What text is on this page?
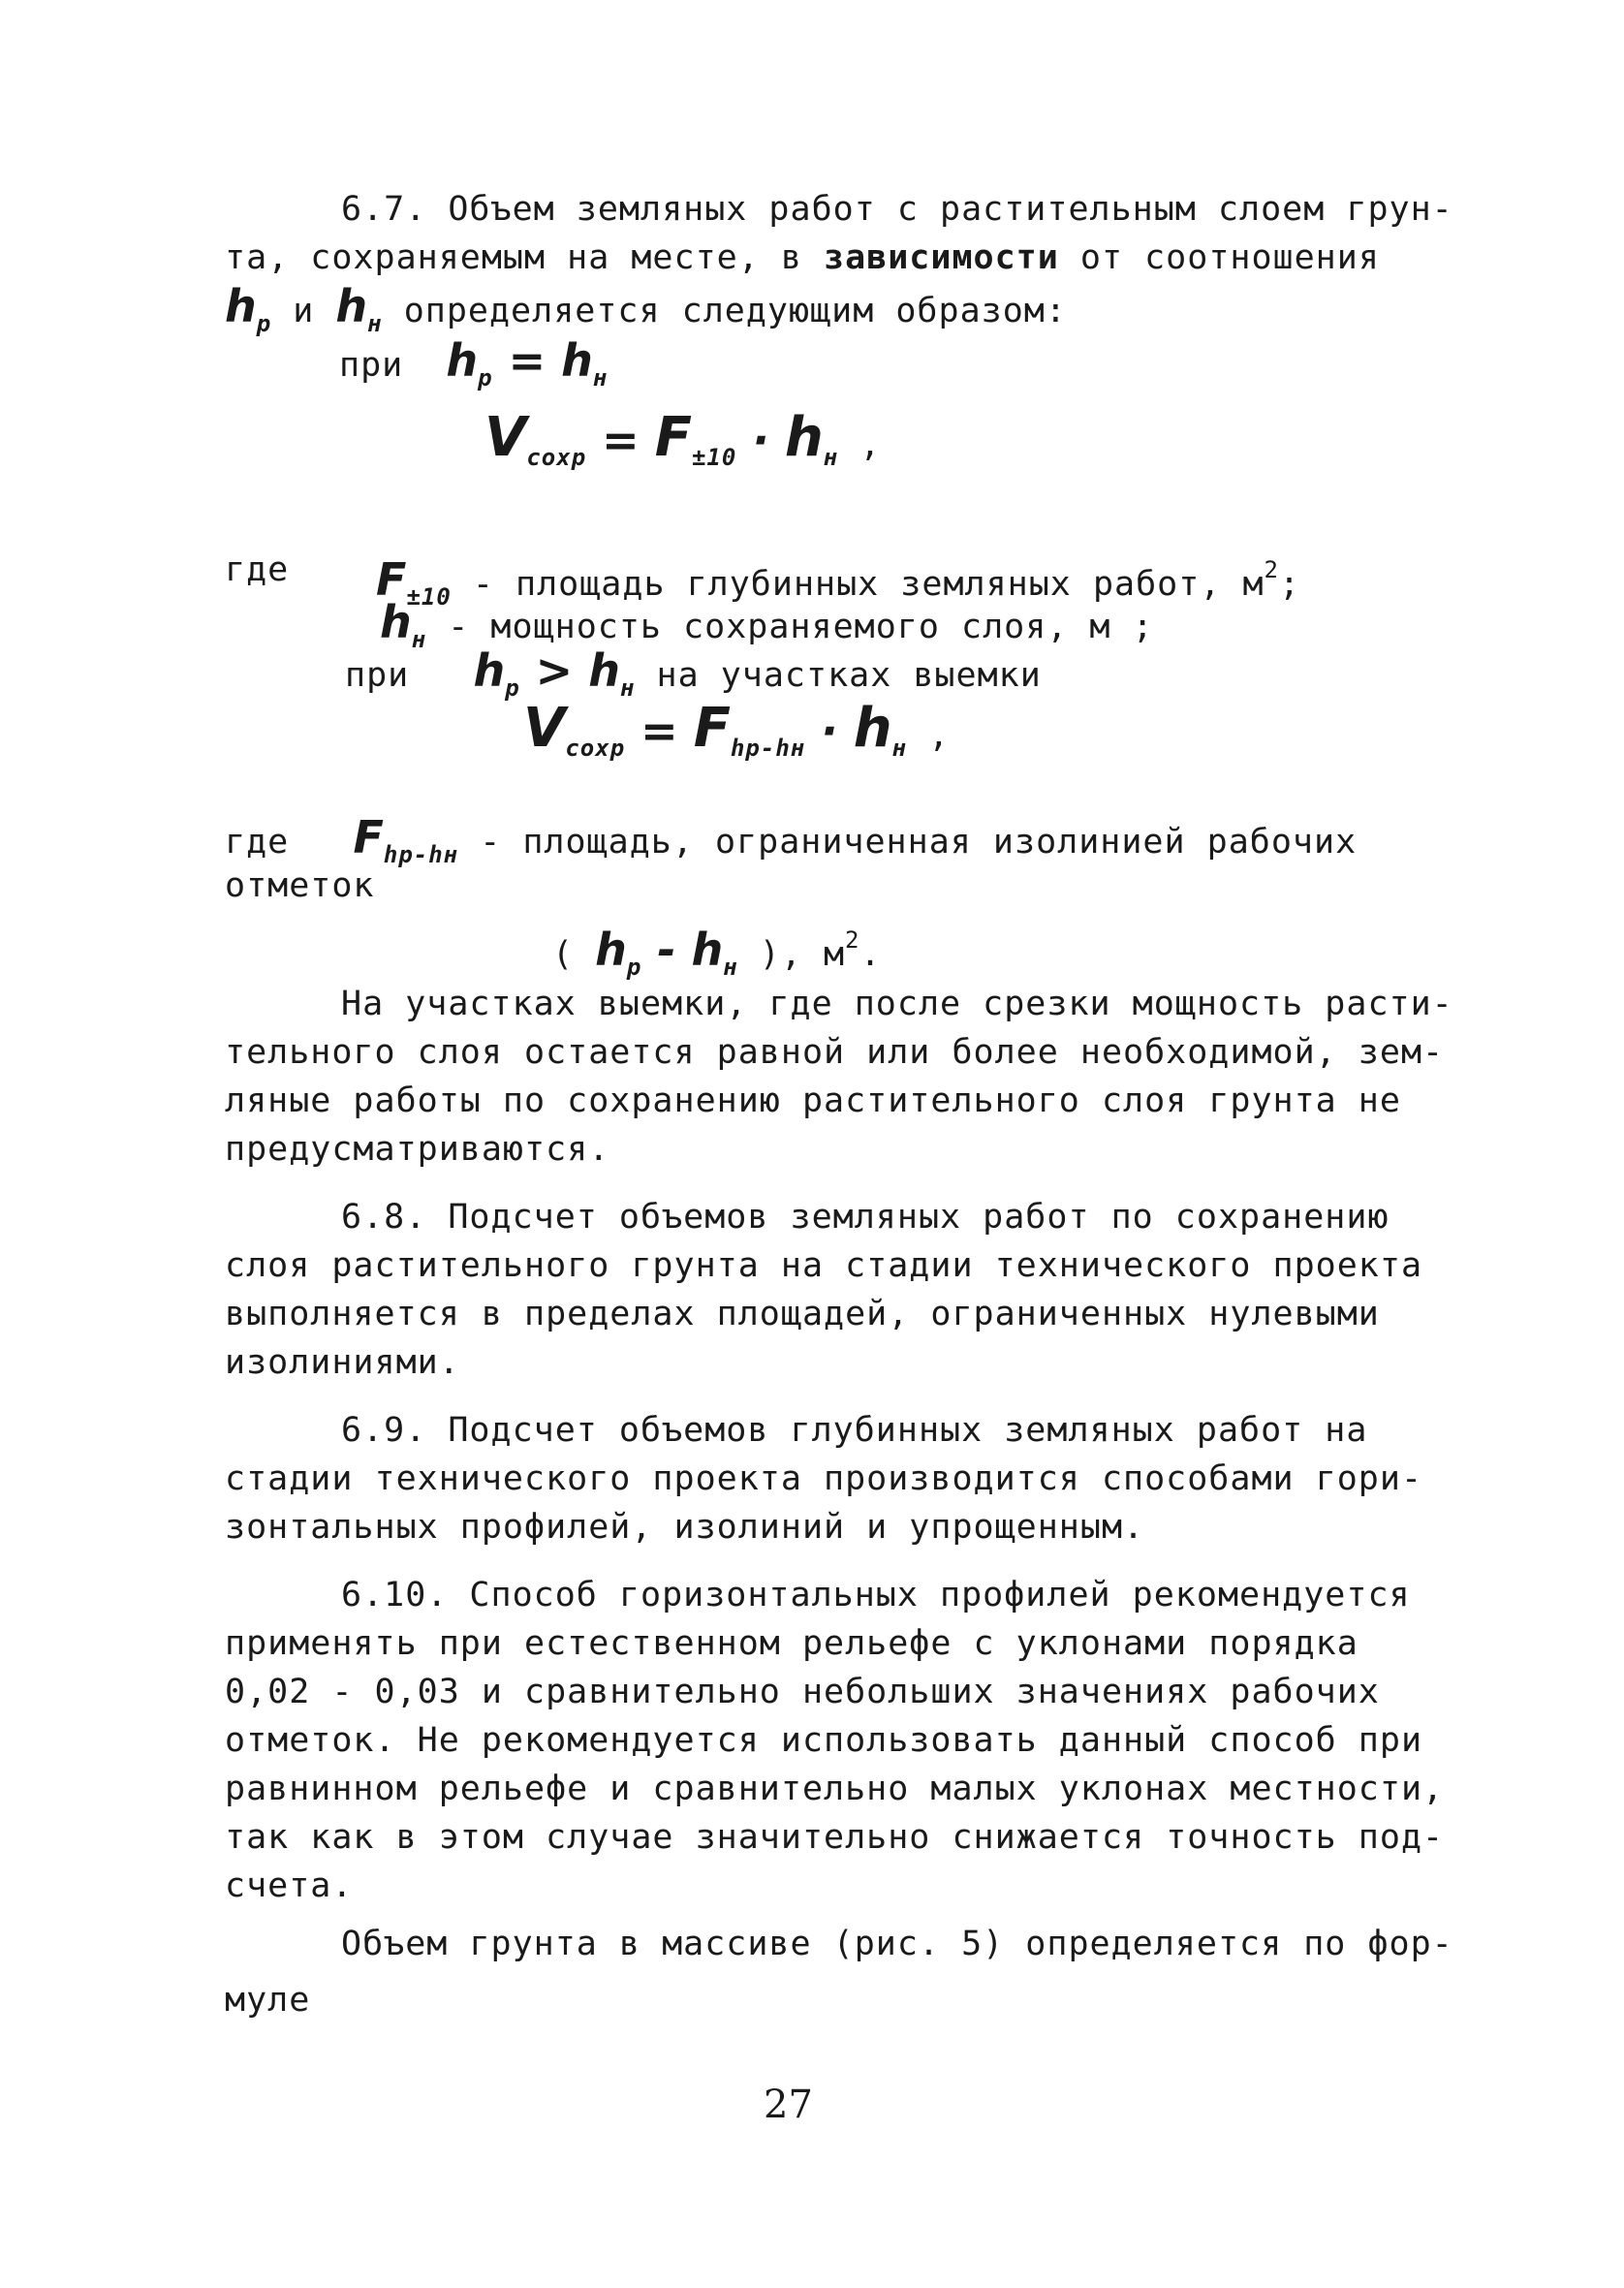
6.7. Объем земляных работ с растительным слоем грун-
та, сохраняемым на месте, в зависимости от соотношения
$h_р$ и $h_н$ определяется следующим образом:
при $h_р = h_н$
$V_{сохр} = F_{\pm 10} \cdot h_н$ ,
где $F_{\pm 10}$ - площадь глубинных земляных работ, $м^2$;
$h_н$ - мощность сохраняемого слоя, м ;
при $h_р > h_н$ на участках выемки
$V_{сохр} = F_{hр-hн} \cdot h_н$ ,
где $F_{hр-hн}$ - площадь, ограниченная изолинией рабочих
отметок
( $h_р - h_н$ ), $м^2$.
На участках выемки, где после срезки мощность расти-
тельного слоя остается равной или более необходимой, зем-
ляные работы по сохранению растительного слоя грунта не
предусматриваются.
6.8. Подсчет объемов земляных работ по сохранению
слоя растительного грунта на стадии технического проекта
выполняется в пределах площадей, ограниченных нулевыми
изолиниями.
6.9. Подсчет объемов глубинных земляных работ на
стадии технического проекта производится способами гори-
зонтальных профилей, изолиний и упрощенным.
6.10. Способ горизонтальных профилей рекомендуется
применять при естественном рельефе с уклонами порядка
0,02 - 0,03 и сравнительно небольших значениях рабочих
отметок. Не рекомендуется использовать данный способ при
равнинном рельефе и сравнительно малых уклонах местности,
так как в этом случае значительно снижается точность под-
счета.
Объем грунта в массиве (рис. 5) определяется по фор-
муле
27
